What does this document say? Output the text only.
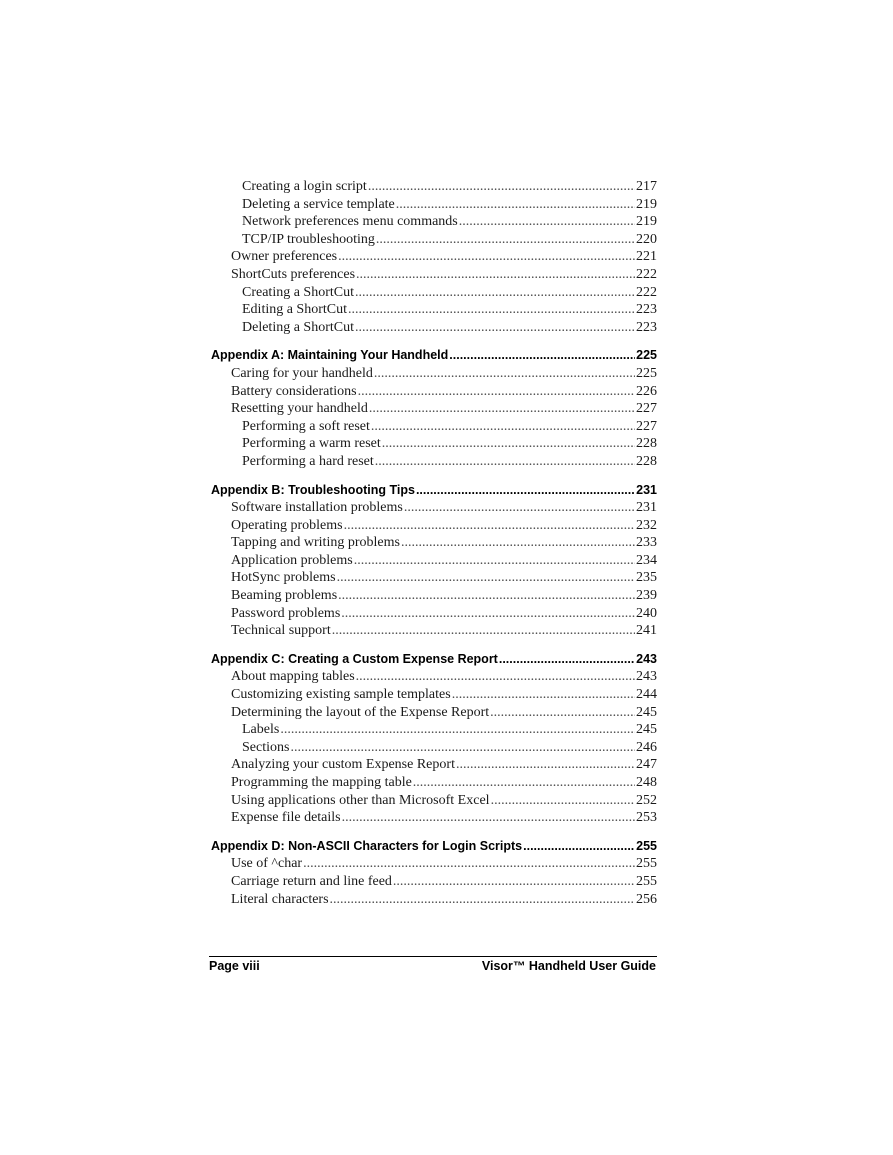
Creating a login script .....	217
Deleting a service template .....	219
Network preferences menu commands .....	219
TCP/IP troubleshooting .....	220
Owner preferences .....	221
ShortCuts preferences .....	222
Creating a ShortCut .....	222
Editing a ShortCut .....	223
Deleting a ShortCut .....	223
Appendix A: Maintaining Your Handheld .....	225
Caring for your handheld .....	225
Battery considerations .....	226
Resetting your handheld .....	227
Performing a soft reset .....	227
Performing a warm reset .....	228
Performing a hard reset .....	228
Appendix B: Troubleshooting Tips .....	231
Software installation problems .....	231
Operating problems .....	232
Tapping and writing problems .....	233
Application problems .....	234
HotSync problems .....	235
Beaming problems .....	239
Password problems .....	240
Technical support .....	241
Appendix C: Creating a Custom Expense Report .....	243
About mapping tables .....	243
Customizing existing sample templates .....	244
Determining the layout of the Expense Report .....	245
Labels .....	245
Sections .....	246
Analyzing your custom Expense Report .....	247
Programming the mapping table .....	248
Using applications other than Microsoft Excel .....	252
Expense file details .....	253
Appendix D: Non-ASCII Characters for Login Scripts .....	255
Use of ^char .....	255
Carriage return and line feed .....	255
Literal characters .....	256
Page viii	Visor™ Handheld User Guide
